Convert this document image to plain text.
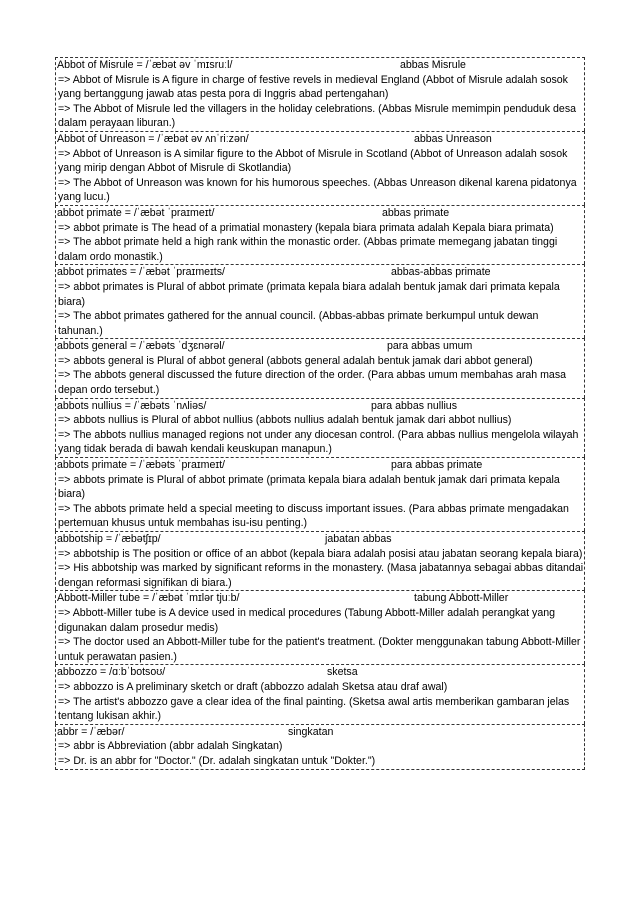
Abbot of Misrule = /ˈæbət əv ˈmɪsruːl/	abbas Misrule
=> Abbot of Misrule is A figure in charge of festive revels in medieval England (Abbot of Misrule adalah sosok yang bertanggung jawab atas pesta pora di Inggris abad pertengahan)
=> The Abbot of Misrule led the villagers in the holiday celebrations. (Abbas Misrule memimpin penduduk desa dalam perayaan liburan.)
Abbot of Unreason = /ˈæbət əv ʌnˈriːzən/	abbas Unreason
=> Abbot of Unreason is A similar figure to the Abbot of Misrule in Scotland (Abbot of Unreason adalah sosok yang mirip dengan Abbot of Misrule di Skotlandia)
=> The Abbot of Unreason was known for his humorous speeches. (Abbas Unreason dikenal karena pidatonya yang lucu.)
abbot primate = /ˈæbət ˈpraɪmeɪt/	abbas primate
=> abbot primate is The head of a primatial monastery (kepala biara primata adalah Kepala biara primata)
=> The abbot primate held a high rank within the monastic order. (Abbas primate memegang jabatan tinggi dalam ordo monastik.)
abbot primates = /ˈæbət ˈpraɪmeɪts/	abbas-abbas primate
=> abbot primates is Plural of abbot primate (primata kepala biara adalah bentuk jamak dari primata kepala biara)
=> The abbot primates gathered for the annual council. (Abbas-abbas primate berkumpul untuk dewan tahunan.)
abbots general = /ˈæbəts ˈdʒɛnərəl/	para abbas umum
=> abbots general is Plural of abbot general (abbots general adalah bentuk jamak dari abbot general)
=> The abbots general discussed the future direction of the order. (Para abbas umum membahas arah masa depan ordo tersebut.)
abbots nullius = /ˈæbəts ˈnʌliəs/	para abbas nullius
=> abbots nullius is Plural of abbot nullius (abbots nullius adalah bentuk jamak dari abbot nullius)
=> The abbots nullius managed regions not under any diocesan control. (Para abbas nullius mengelola wilayah yang tidak berada di bawah kendali keuskupan manapun.)
abbots primate = /ˈæbəts ˈpraɪmeɪt/	para abbas primate
=> abbots primate is Plural of abbot primate (primata kepala biara adalah bentuk jamak dari primata kepala biara)
=> The abbots primate held a special meeting to discuss important issues. (Para abbas primate mengadakan pertemuan khusus untuk membahas isu-isu penting.)
abbotship = /ˈæbətʃɪp/	jabatan abbas
=> abbotship is The position or office of an abbot (kepala biara adalah posisi atau jabatan seorang kepala biara)
=> His abbotship was marked by significant reforms in the monastery. (Masa jabatannya sebagai abbas ditandai dengan reformasi signifikan di biara.)
Abbott-Miller tube = /ˈæbət ˈmɪlər tjuːb/	tabung Abbott-Miller
=> Abbott-Miller tube is A device used in medical procedures (Tabung Abbott-Miller adalah perangkat yang digunakan dalam prosedur medis)
=> The doctor used an Abbott-Miller tube for the patient's treatment. (Dokter menggunakan tabung Abbott-Miller untuk perawatan pasien.)
abbozzo = /ɑːbˈbotsoʊ/	sketsa
=> abbozzo is A preliminary sketch or draft (abbozzo adalah Sketsa atau draf awal)
=> The artist's abbozzo gave a clear idea of the final painting. (Sketsa awal artis memberikan gambaran jelas tentang lukisan akhir.)
abbr = /ˈæbər/	singkatan
=> abbr is Abbreviation (abbr adalah Singkatan)
=> Dr. is an abbr for "Doctor." (Dr. adalah singkatan untuk "Dokter.")
